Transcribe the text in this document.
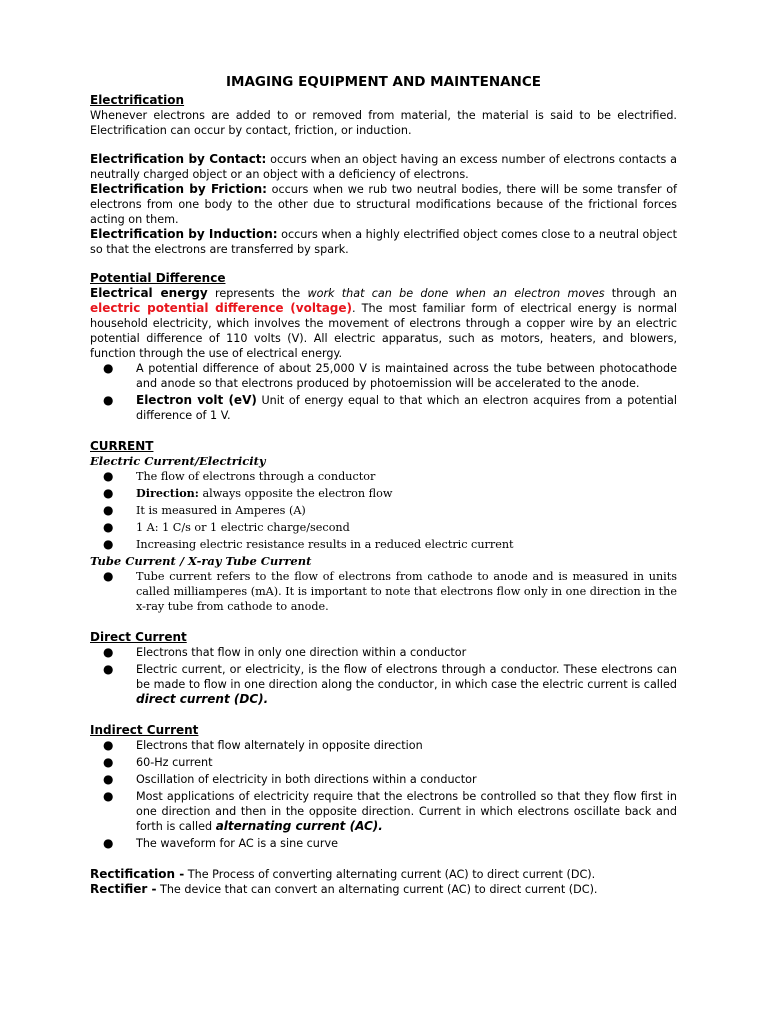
IMAGING EQUIPMENT AND MAINTENANCE

Electrification

Whenever electrons are added to or removed from material, the material is said to be electrified. Electrification can occur by contact, friction, or induction.

Electrification by Contact: occurs when an object having an excess number of electrons contacts a neutrally charged object or an object with a deficiency of electrons.

Electrification by Friction: occurs when we rub two neutral bodies, there will be some transfer of electrons from one body to the other due to structural modifications because of the frictional forces acting on them.

Electrification by Induction: occurs when a highly electrified object comes close to a neutral object so that the electrons are transferred by spark.

Potential Difference

Electrical energy represents the work that can be done when an electron moves through an electric potential difference (voltage). The most familiar form of electrical energy is normal household electricity, which involves the movement of electrons through a copper wire by an electric potential difference of 110 volts (V). All electric apparatus, such as motors, heaters, and blowers, function through the use of electrical energy.

● A potential difference of about 25,000 V is maintained across the tube between photocathode and anode so that electrons produced by photoemission will be accelerated to the anode.
● Electron volt (eV) Unit of energy equal to that which an electron acquires from a potential difference of 1 V.

CURRENT

Electric Current/Electricity

● The flow of electrons through a conductor
● Direction: always opposite the electron flow
● It is measured in Amperes (A)
● 1 A: 1 C/s or 1 electric charge/second
● Increasing electric resistance results in a reduced electric current

Tube Current / X-ray Tube Current

● Tube current refers to the flow of electrons from cathode to anode and is measured in units called milliamperes (mA). It is important to note that electrons flow only in one direction in the x-ray tube from cathode to anode.

Direct Current

● Electrons that flow in only one direction within a conductor
● Electric current, or electricity, is the flow of electrons through a conductor. These electrons can be made to flow in one direction along the conductor, in which case the electric current is called direct current (DC).

Indirect Current

● Electrons that flow alternately in opposite direction
● 60-Hz current
● Oscillation of electricity in both directions within a conductor
● Most applications of electricity require that the electrons be controlled so that they flow first in one direction and then in the opposite direction. Current in which electrons oscillate back and forth is called alternating current (AC).
● The waveform for AC is a sine curve

Rectification - The Process of converting alternating current (AC) to direct current (DC).

Rectifier - The device that can convert an alternating current (AC) to direct current (DC).
